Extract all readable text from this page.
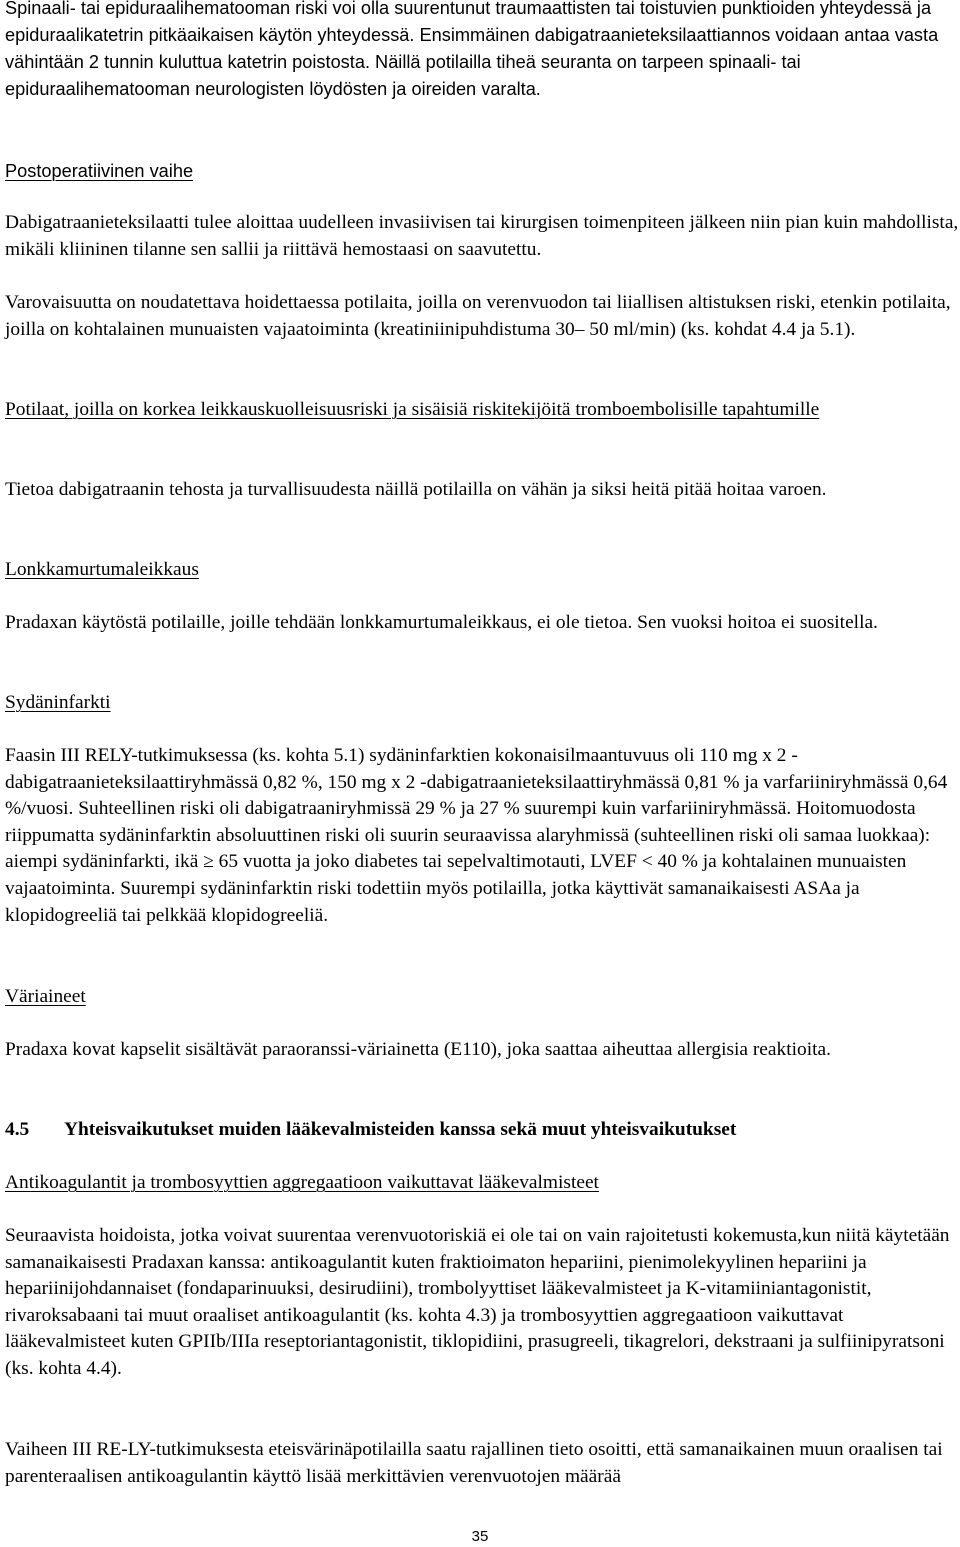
Spinaali- tai epiduraalihematooman riski voi olla suurentunut traumaattisten tai toistuvien punktioiden yhteydessä ja epiduraalikatetrin pitkäaikaisen käytön yhteydessä. Ensimmäinen dabigatraanieteksilaattiannos voidaan antaa vasta vähintään 2 tunnin kuluttua katetrin poistosta. Näillä potilailla tiheä seuranta on tarpeen spinaali- tai epiduraalihematooman neurologisten löydösten ja oireiden varalta.

Postoperatiivinen vaihe

Dabigatraanieteksilaatti tulee aloittaa uudelleen invasiivisen tai kirurgisen toimenpiteen jälkeen niin pian kuin mahdollista, mikäli kliininen tilanne sen sallii ja riittävä hemostaasi on saavutettu.

Varovaisuutta on noudatettava hoidettaessa potilaita, joilla on verenvuodon tai liiallisen altistuksen riski, etenkin potilaita, joilla on kohtalainen munuaisten vajaatoiminta (kreatiniinipuhdistuma 30– 50 ml/min) (ks. kohdat 4.4 ja 5.1).

Potilaat, joilla on korkea leikkauskuolleisuusriski ja sisäisiä riskitekijöitä tromboembolisille tapahtumille

Tietoa dabigatraanin tehosta ja turvallisuudesta näillä potilailla on vähän ja siksi heitä pitää hoitaa varoen.

Lonkkamurtumaleikkaus

Pradaxan käytöstä potilaille, joille tehdään lonkkamurtumaleikkaus, ei ole tietoa. Sen vuoksi hoitoa ei suositella.

Sydäninfarkti

Faasin III RELY-tutkimuksessa (ks. kohta 5.1) sydäninfarktien kokonaisilmaantuvuus oli 110 mg x 2 -dabigatraanieteksilaattiryhmässä 0,82 %, 150 mg x 2 -dabigatraanieteksilaattiryhmässä 0,81 % ja varfariiniryhmässä 0,64 %/vuosi. Suhteellinen riski oli dabigatraaniryhmissä 29 % ja 27 % suurempi kuin varfariiniryhmässä. Hoitomuodosta riippumatta sydäninfarktin absoluuttinen riski oli suurin seuraavissa alaryhmissä (suhteellinen riski oli samaa luokkaa): aiempi sydäninfarkti, ikä ≥ 65 vuotta ja joko diabetes tai sepelvaltimotauti, LVEF < 40 % ja kohtalainen munuaisten vajaatoiminta. Suurempi sydäninfarktin riski todettiin myös potilailla, jotka käyttivät samanaikaisesti ASAa ja klopidogreeliä tai pelkkää klopidogreeliä.

Väriaineet

Pradaxa kovat kapselit sisältävät paraoranssi-väriainetta (E110), joka saattaa aiheuttaa allergisia reaktioita.

4.5 Yhteisvaikutukset muiden lääkevalmisteiden kanssa sekä muut yhteisvaikutukset

Antikoagulantit ja trombosyyttien aggregaatioon vaikuttavat lääkevalmisteet

Seuraavista hoidoista, jotka voivat suurentaa verenvuotoriskiä ei ole tai on vain rajoitetusti kokemusta,kun niitä käytetään samanaikaisesti Pradaxan kanssa: antikoagulantit kuten fraktioimaton hepariini, pienimolekyylinen hepariini ja hepariinijohdannaiset (fondaparinuuksi, desirudiini), trombolyyttiset lääkevalmisteet ja K-vitamiiniantagonistit, rivaroksabaani tai muut oraaliset antikoagulantit (ks. kohta 4.3) ja trombosyyttien aggregaatioon vaikuttavat lääkevalmisteet kuten GPIIb/IIIa reseptoriantagonistit, tiklopidiini, prasugreeli, tikagrelori, dekstraani ja sulfiinipyratsoni (ks. kohta 4.4).

Vaiheen III RE-LY-tutkimuksesta eteisvärinäpotilailla saatu rajallinen tieto osoitti, että samanaikainen muun oraalisen tai parenteraalisen antikoagulantin käyttö lisää merkittävien verenvuotojen määrää

35
